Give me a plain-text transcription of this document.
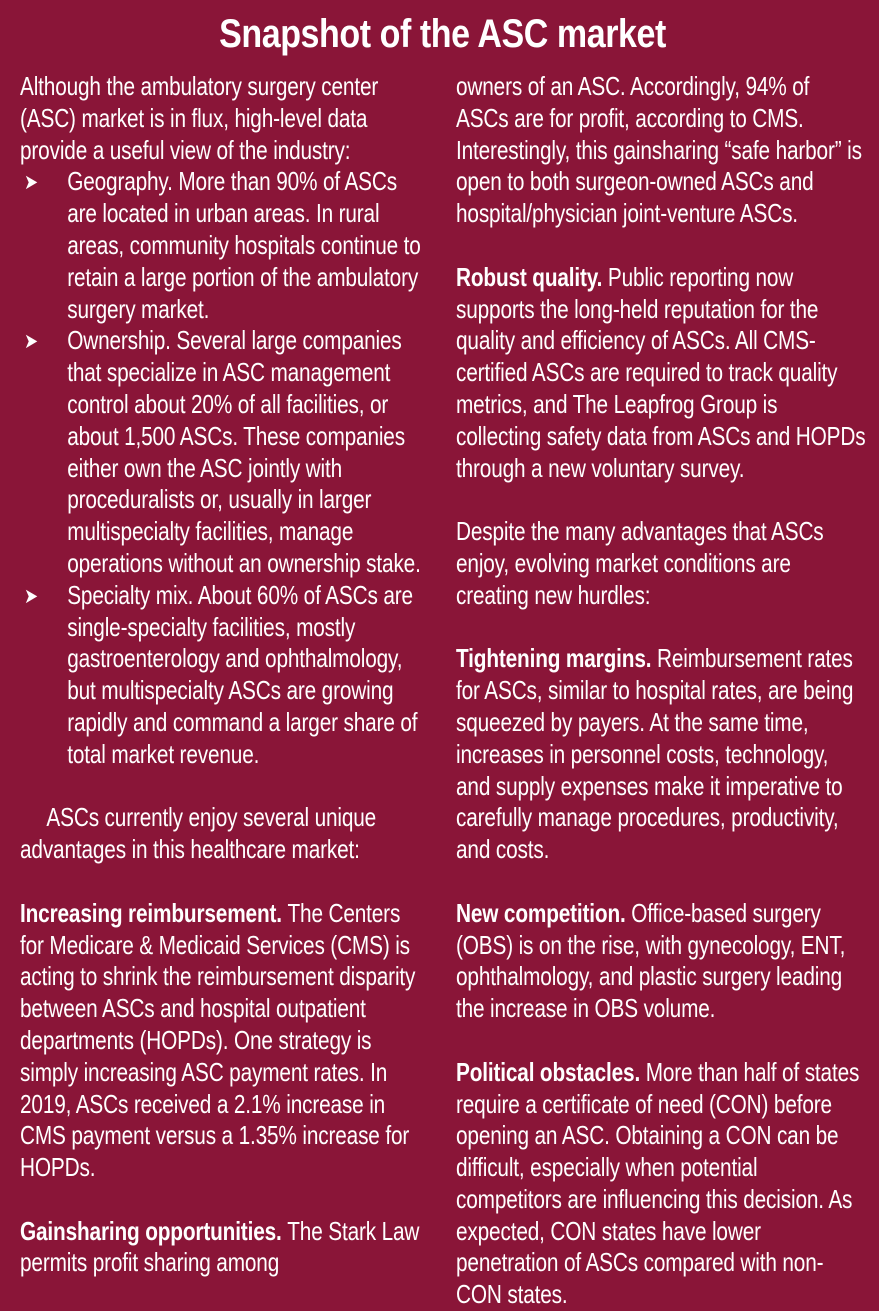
Snapshot of the ASC market
Although the ambulatory surgery center (ASC) market is in flux, high-level data provide a useful view of the industry:
➤ Geography. More than 90% of ASCs are located in urban areas. In rural areas, community hospitals continue to retain a large portion of the ambulatory surgery market.
➤ Ownership. Several large companies that specialize in ASC management control about 20% of all facilities, or about 1,500 ASCs. These companies either own the ASC jointly with proceduralists or, usually in larger multispecialty facilities, manage operations without an ownership stake.
➤ Specialty mix. About 60% of ASCs are single-specialty facilities, mostly gastroenterology and ophthalmology, but multispecialty ASCs are growing rapidly and command a larger share of total market revenue.
ASCs currently enjoy several unique advantages in this healthcare market:
Increasing reimbursement. The Centers for Medicare & Medicaid Services (CMS) is acting to shrink the reimbursement disparity between ASCs and hospital outpatient departments (HOPDs). One strategy is simply increasing ASC payment rates. In 2019, ASCs received a 2.1% increase in CMS payment versus a 1.35% increase for HOPDs.
Gainsharing opportunities. The Stark Law permits profit sharing among
owners of an ASC. Accordingly, 94% of ASCs are for profit, according to CMS. Interestingly, this gainsharing “safe harbor” is open to both surgeon-owned ASCs and hospital/physician joint-venture ASCs.
Robust quality. Public reporting now supports the long-held reputation for the quality and efficiency of ASCs. All CMS-certified ASCs are required to track quality metrics, and The Leapfrog Group is collecting safety data from ASCs and HOPDs through a new voluntary survey.
Despite the many advantages that ASCs enjoy, evolving market conditions are creating new hurdles:
Tightening margins. Reimbursement rates for ASCs, similar to hospital rates, are being squeezed by payers. At the same time, increases in personnel costs, technology, and supply expenses make it imperative to carefully manage procedures, productivity, and costs.
New competition. Office-based surgery (OBS) is on the rise, with gynecology, ENT, ophthalmology, and plastic surgery leading the increase in OBS volume.
Political obstacles. More than half of states require a certificate of need (CON) before opening an ASC. Obtaining a CON can be difficult, especially when potential competitors are influencing this decision. As expected, CON states have lower penetration of ASCs compared with non-CON states.
